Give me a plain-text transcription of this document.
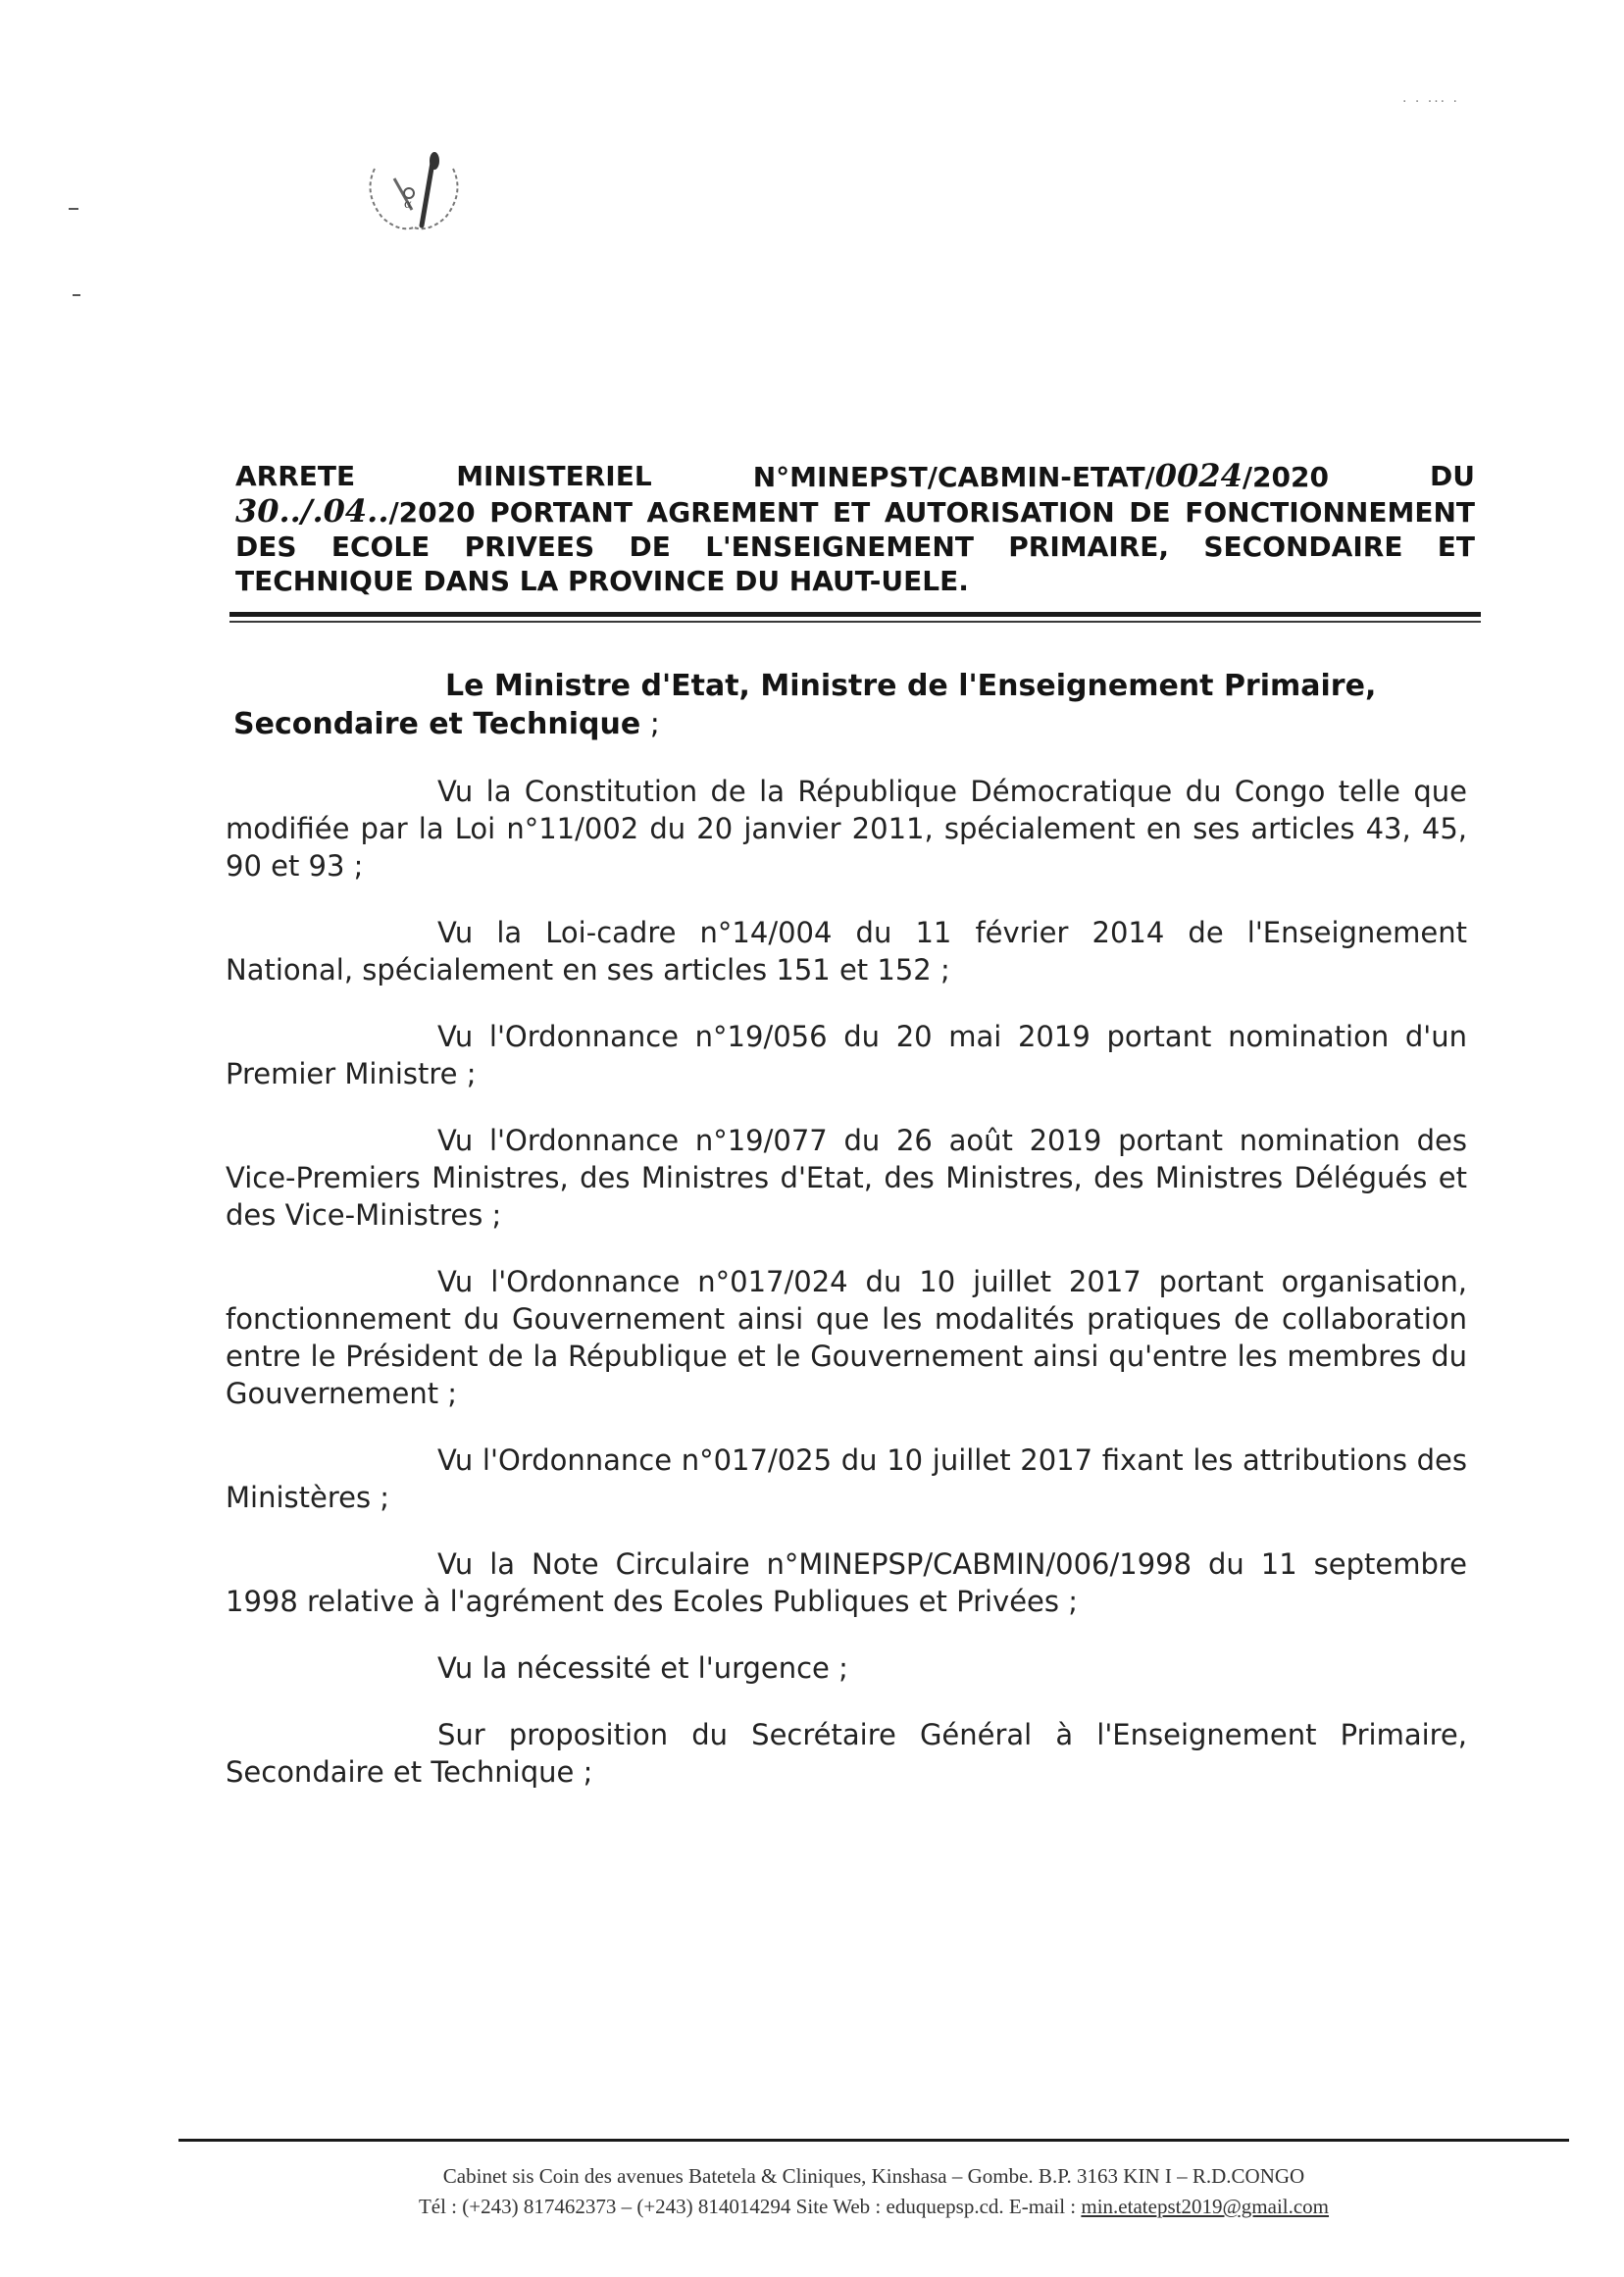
α
· · ··· ·
ARRETE	MINISTERIEL	N°MINEPST/CABMIN-ETAT/0024/2020	DU
30../.04../2020 PORTANT AGREMENT ET AUTORISATION DE FONCTIONNEMENT DES ECOLE PRIVEES DE L'ENSEIGNEMENT PRIMAIRE, SECONDAIRE ET TECHNIQUE DANS LA PROVINCE DU HAUT-UELE.
Le Ministre d'Etat, Ministre de l'Enseignement Primaire,
Secondaire et Technique ;

Vu la Constitution de la République Démocratique du Congo telle que modifiée par la Loi n°11/002 du 20 janvier 2011, spécialement en ses articles 43, 45, 90 et 93 ;

Vu la Loi-cadre n°14/004 du 11 février 2014 de l'Enseignement National, spécialement en ses articles 151 et 152 ;

Vu l'Ordonnance n°19/056 du 20 mai 2019 portant nomination d'un Premier Ministre ;

Vu l'Ordonnance n°19/077 du 26 août 2019 portant nomination des Vice-Premiers Ministres, des Ministres d'Etat, des Ministres, des Ministres Délégués et des Vice-Ministres ;

Vu l'Ordonnance n°017/024 du 10 juillet 2017 portant organisation, fonctionnement du Gouvernement ainsi que les modalités pratiques de collaboration entre le Président de la République et le Gouvernement ainsi qu'entre les membres du Gouvernement ;

Vu l'Ordonnance n°017/025 du 10 juillet 2017 fixant les attributions des Ministères ;

Vu la Note Circulaire n°MINEPSP/CABMIN/006/1998 du 11 septembre 1998 relative à l'agrément des Ecoles Publiques et Privées ;

Vu la nécessité et l'urgence ;

Sur proposition du Secrétaire Général à l'Enseignement Primaire, Secondaire et Technique ;

Cabinet sis Coin des avenues Batetela & Cliniques, Kinshasa – Gombe. B.P. 3163 KIN I – R.D.CONGO
Tél : (+243) 817462373 – (+243) 814014294 Site Web : eduquepsp.cd. E-mail : min.etatepst2019@gmail.com
